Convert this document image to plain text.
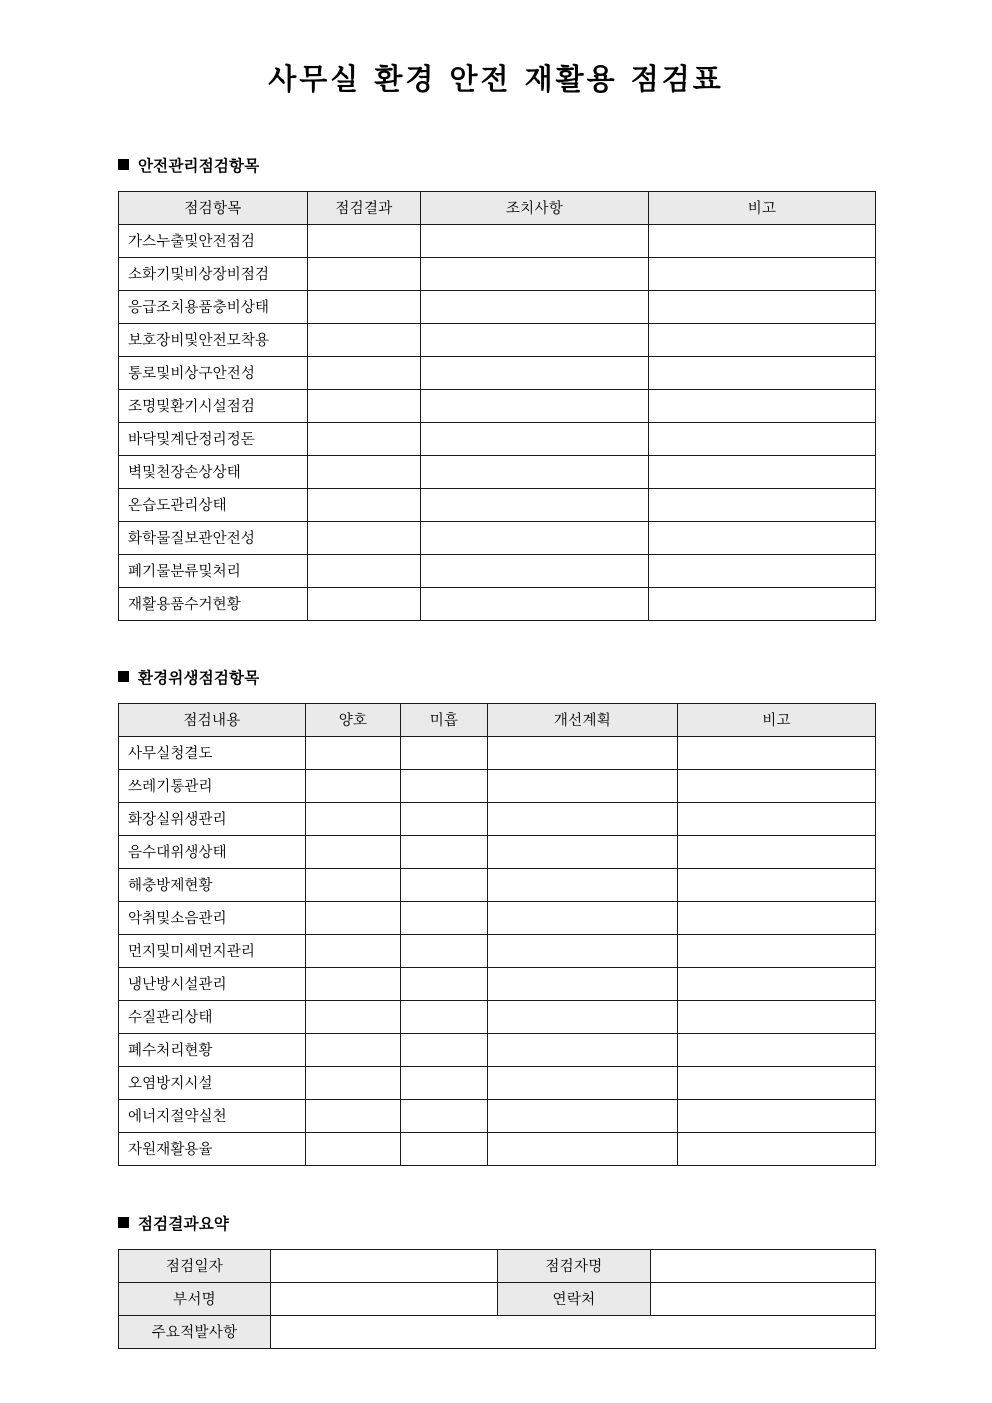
사무실 환경 안전 재활용 점검표
안전관리점검항목
점검항목	점검결과	조치사항	비고
가스누출및안전점검			
소화기및비상장비점검			
응급조치용품충비상태			
보호장비및안전모착용			
통로및비상구안전성			
조명및환기시설점검			
바닥및계단정리정돈			
벽및천장손상상태			
온습도관리상태			
화학물질보관안전성			
폐기물분류및처리			
재활용품수거현황			
환경위생점검항목
점검내용	양호	미흡	개선계획	비고
사무실청결도				
쓰레기통관리				
화장실위생관리				
음수대위생상태				
해충방제현황				
악취및소음관리				
먼지및미세먼지관리				
냉난방시설관리				
수질관리상태				
폐수처리현황				
오염방지시설				
에너지절약실천				
자원재활용율				
점검결과요약
점검일자		점검자명	
부서명		연락처	
주요적발사항			
